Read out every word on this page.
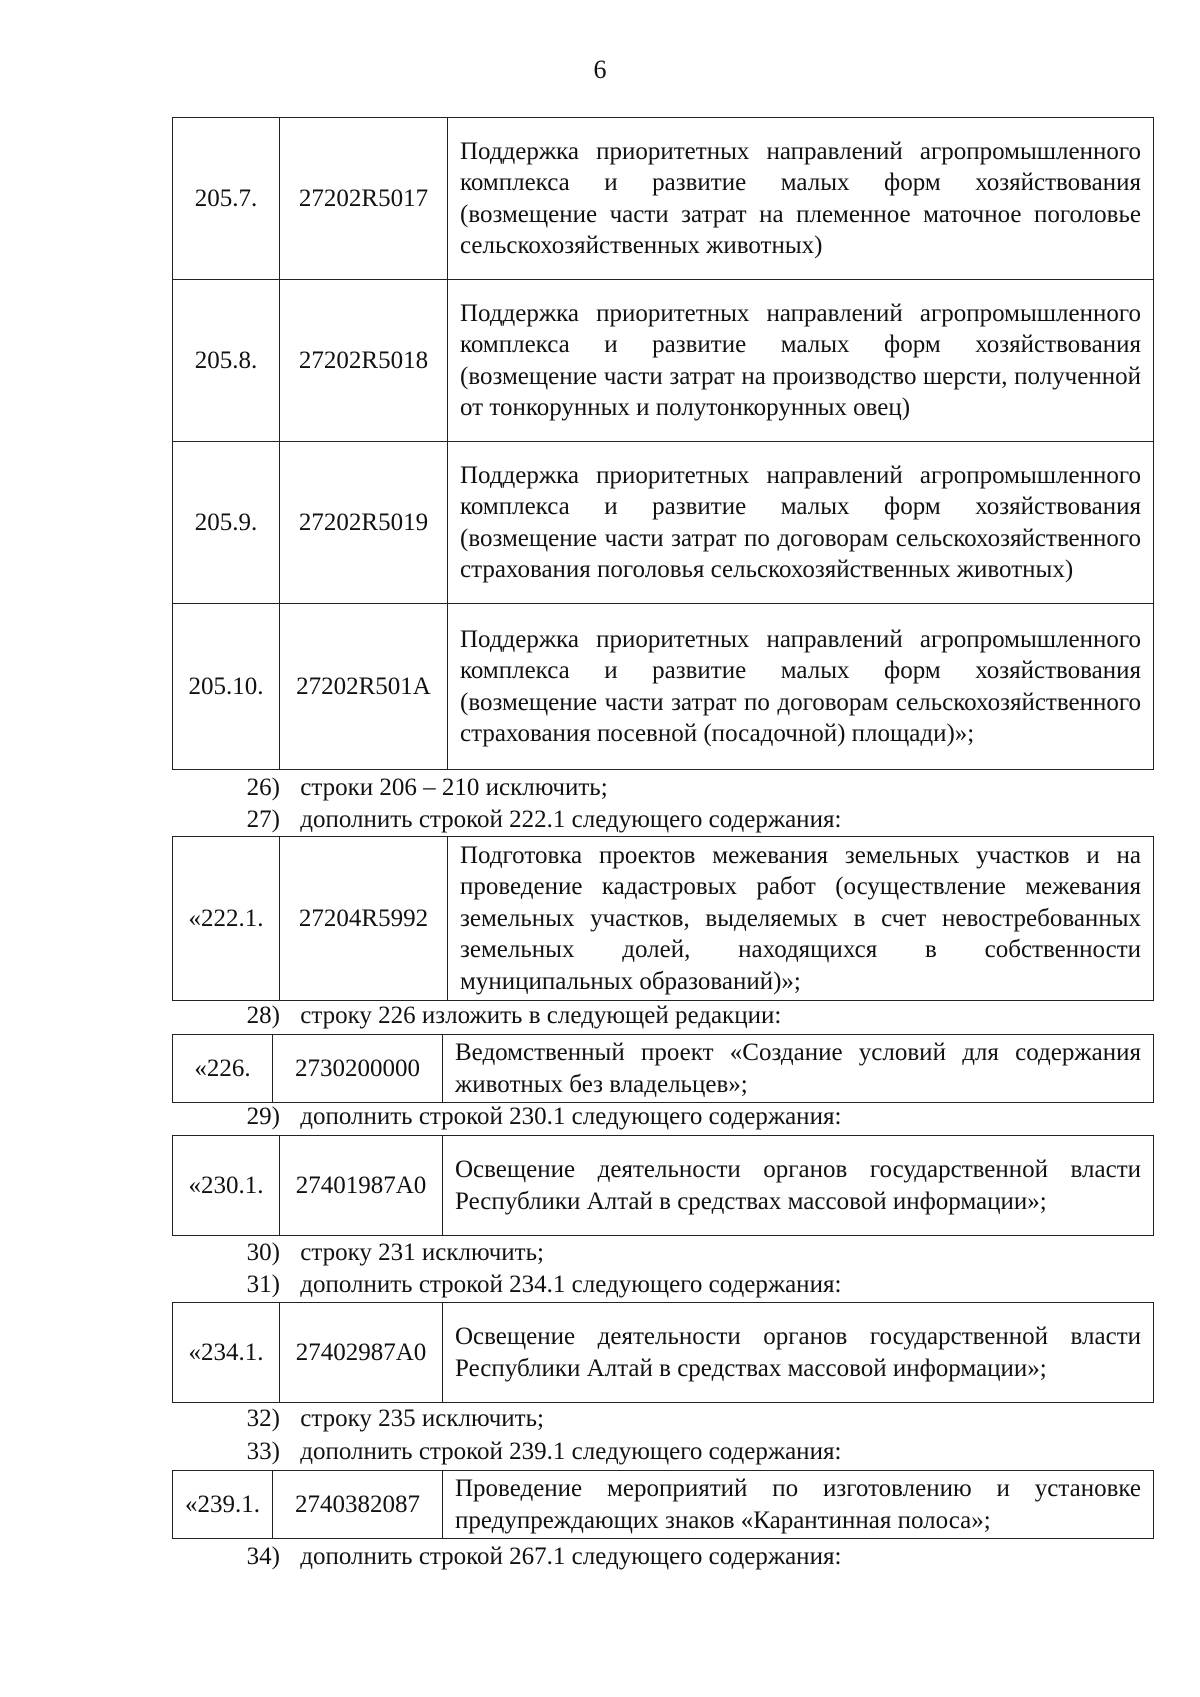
6
205.7.	27202R5017	Поддержка приоритетных направлений агропромышленного комплекса и развитие малых форм хозяйствования (возмещение части затрат на племенное маточное поголовье сельскохозяйственных животных)
205.8.	27202R5018	Поддержка приоритетных направлений агропромышленного комплекса и развитие малых форм хозяйствования (возмещение части затрат на производство шерсти, полученной от тонкорунных и полутонкорунных овец)
205.9.	27202R5019	Поддержка приоритетных направлений агропромышленного комплекса и развитие малых форм хозяйствования (возмещение части затрат по договорам сельскохозяйственного страхования поголовья сельскохозяйственных животных)
205.10.	27202R501A	Поддержка приоритетных направлений агропромышленного комплекса и развитие малых форм хозяйствования (возмещение части затрат по договорам сельскохозяйственного страхования посевной (посадочной) площади)»;
26) строки 206 – 210 исключить;
27) дополнить строкой 222.1 следующего содержания:
«222.1.	27204R5992	Подготовка проектов межевания земельных участков и на проведение кадастровых работ (осуществление межевания земельных участков, выделяемых в счет невостребованных земельных долей, находящихся в собственности муниципальных образований)»;
28) строку 226 изложить в следующей редакции:
«226.	2730200000	Ведомственный проект «Создание условий для содержания животных без владельцев»;
29) дополнить строкой 230.1 следующего содержания:
«230.1.	27401987A0	Освещение деятельности органов государственной власти Республики Алтай в средствах массовой информации»;
30) строку 231 исключить;
31) дополнить строкой 234.1 следующего содержания:
«234.1.	27402987A0	Освещение деятельности органов государственной власти Республики Алтай в средствах массовой информации»;
32) строку 235 исключить;
33) дополнить строкой 239.1 следующего содержания:
«239.1.	2740382087	Проведение мероприятий по изготовлению и установке предупреждающих знаков «Карантинная полоса»;
34) дополнить строкой 267.1 следующего содержания:
